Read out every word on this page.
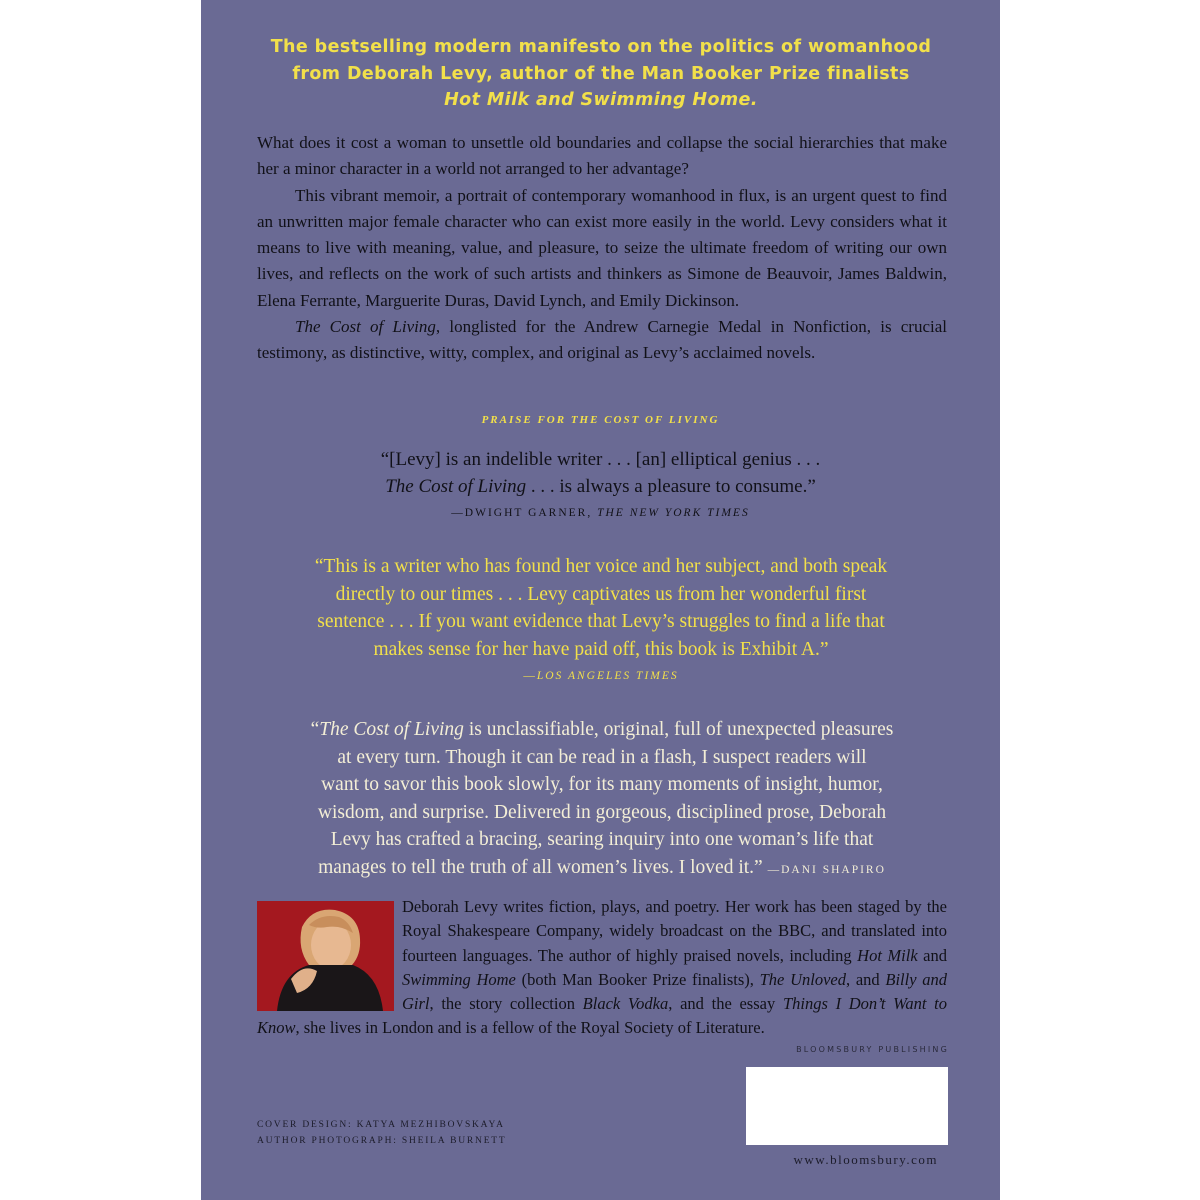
The bestselling modern manifesto on the politics of womanhood
from Deborah Levy, author of the Man Booker Prize finalists
Hot Milk and Swimming Home.

What does it cost a woman to unsettle old boundaries and collapse the social hierarchies that make her a minor character in a world not arranged to her advantage?

This vibrant memoir, a portrait of contemporary womanhood in flux, is an urgent quest to find an unwritten major female character who can exist more easily in the world. Levy considers what it means to live with meaning, value, and pleasure, to seize the ultimate freedom of writing our own lives, and reflects on the work of such artists and thinkers as Simone de Beauvoir, James Baldwin, Elena Ferrante, Marguerite Duras, David Lynch, and Emily Dickinson.

The Cost of Living, longlisted for the Andrew Carnegie Medal in Nonfiction, is crucial testimony, as distinctive, witty, complex, and original as Levy’s acclaimed novels.

PRAISE FOR THE COST OF LIVING
“[Levy] is an indelible writer . . . [an] elliptical genius . . .
The Cost of Living . . . is always a pleasure to consume.”
—DWIGHT GARNER, THE NEW YORK TIMES
“This is a writer who has found her voice and her subject, and both speak
directly to our times . . . Levy captivates us from her wonderful first
sentence . . . If you want evidence that Levy’s struggles to find a life that
makes sense for her have paid off, this book is Exhibit A.”
—LOS ANGELES TIMES
“The Cost of Living is unclassifiable, original, full of unexpected pleasures
at every turn. Though it can be read in a flash, I suspect readers will
want to savor this book slowly, for its many moments of insight, humor,
wisdom, and surprise. Delivered in gorgeous, disciplined prose, Deborah
Levy has crafted a bracing, searing inquiry into one woman’s life that
manages to tell the truth of all women’s lives. I loved it.” —DANI SHAPIRO

Deborah Levy writes fiction, plays, and poetry. Her work has been staged by the Royal Shakespeare Company, widely broadcast on the BBC, and translated into fourteen languages. The author of highly praised novels, including Hot Milk and Swimming Home (both Man Booker Prize finalists), The Unloved, and Billy and Girl, the story collection Black Vodka, and the essay Things I Don’t Want to Know, she lives in London and is a fellow of the Royal Society of Literature.

BLOOMSBURY PUBLISHING
www.bloomsbury.com
COVER DESIGN: KATYA MEZHIBOVSKAYA
AUTHOR PHOTOGRAPH: SHEILA BURNETT
